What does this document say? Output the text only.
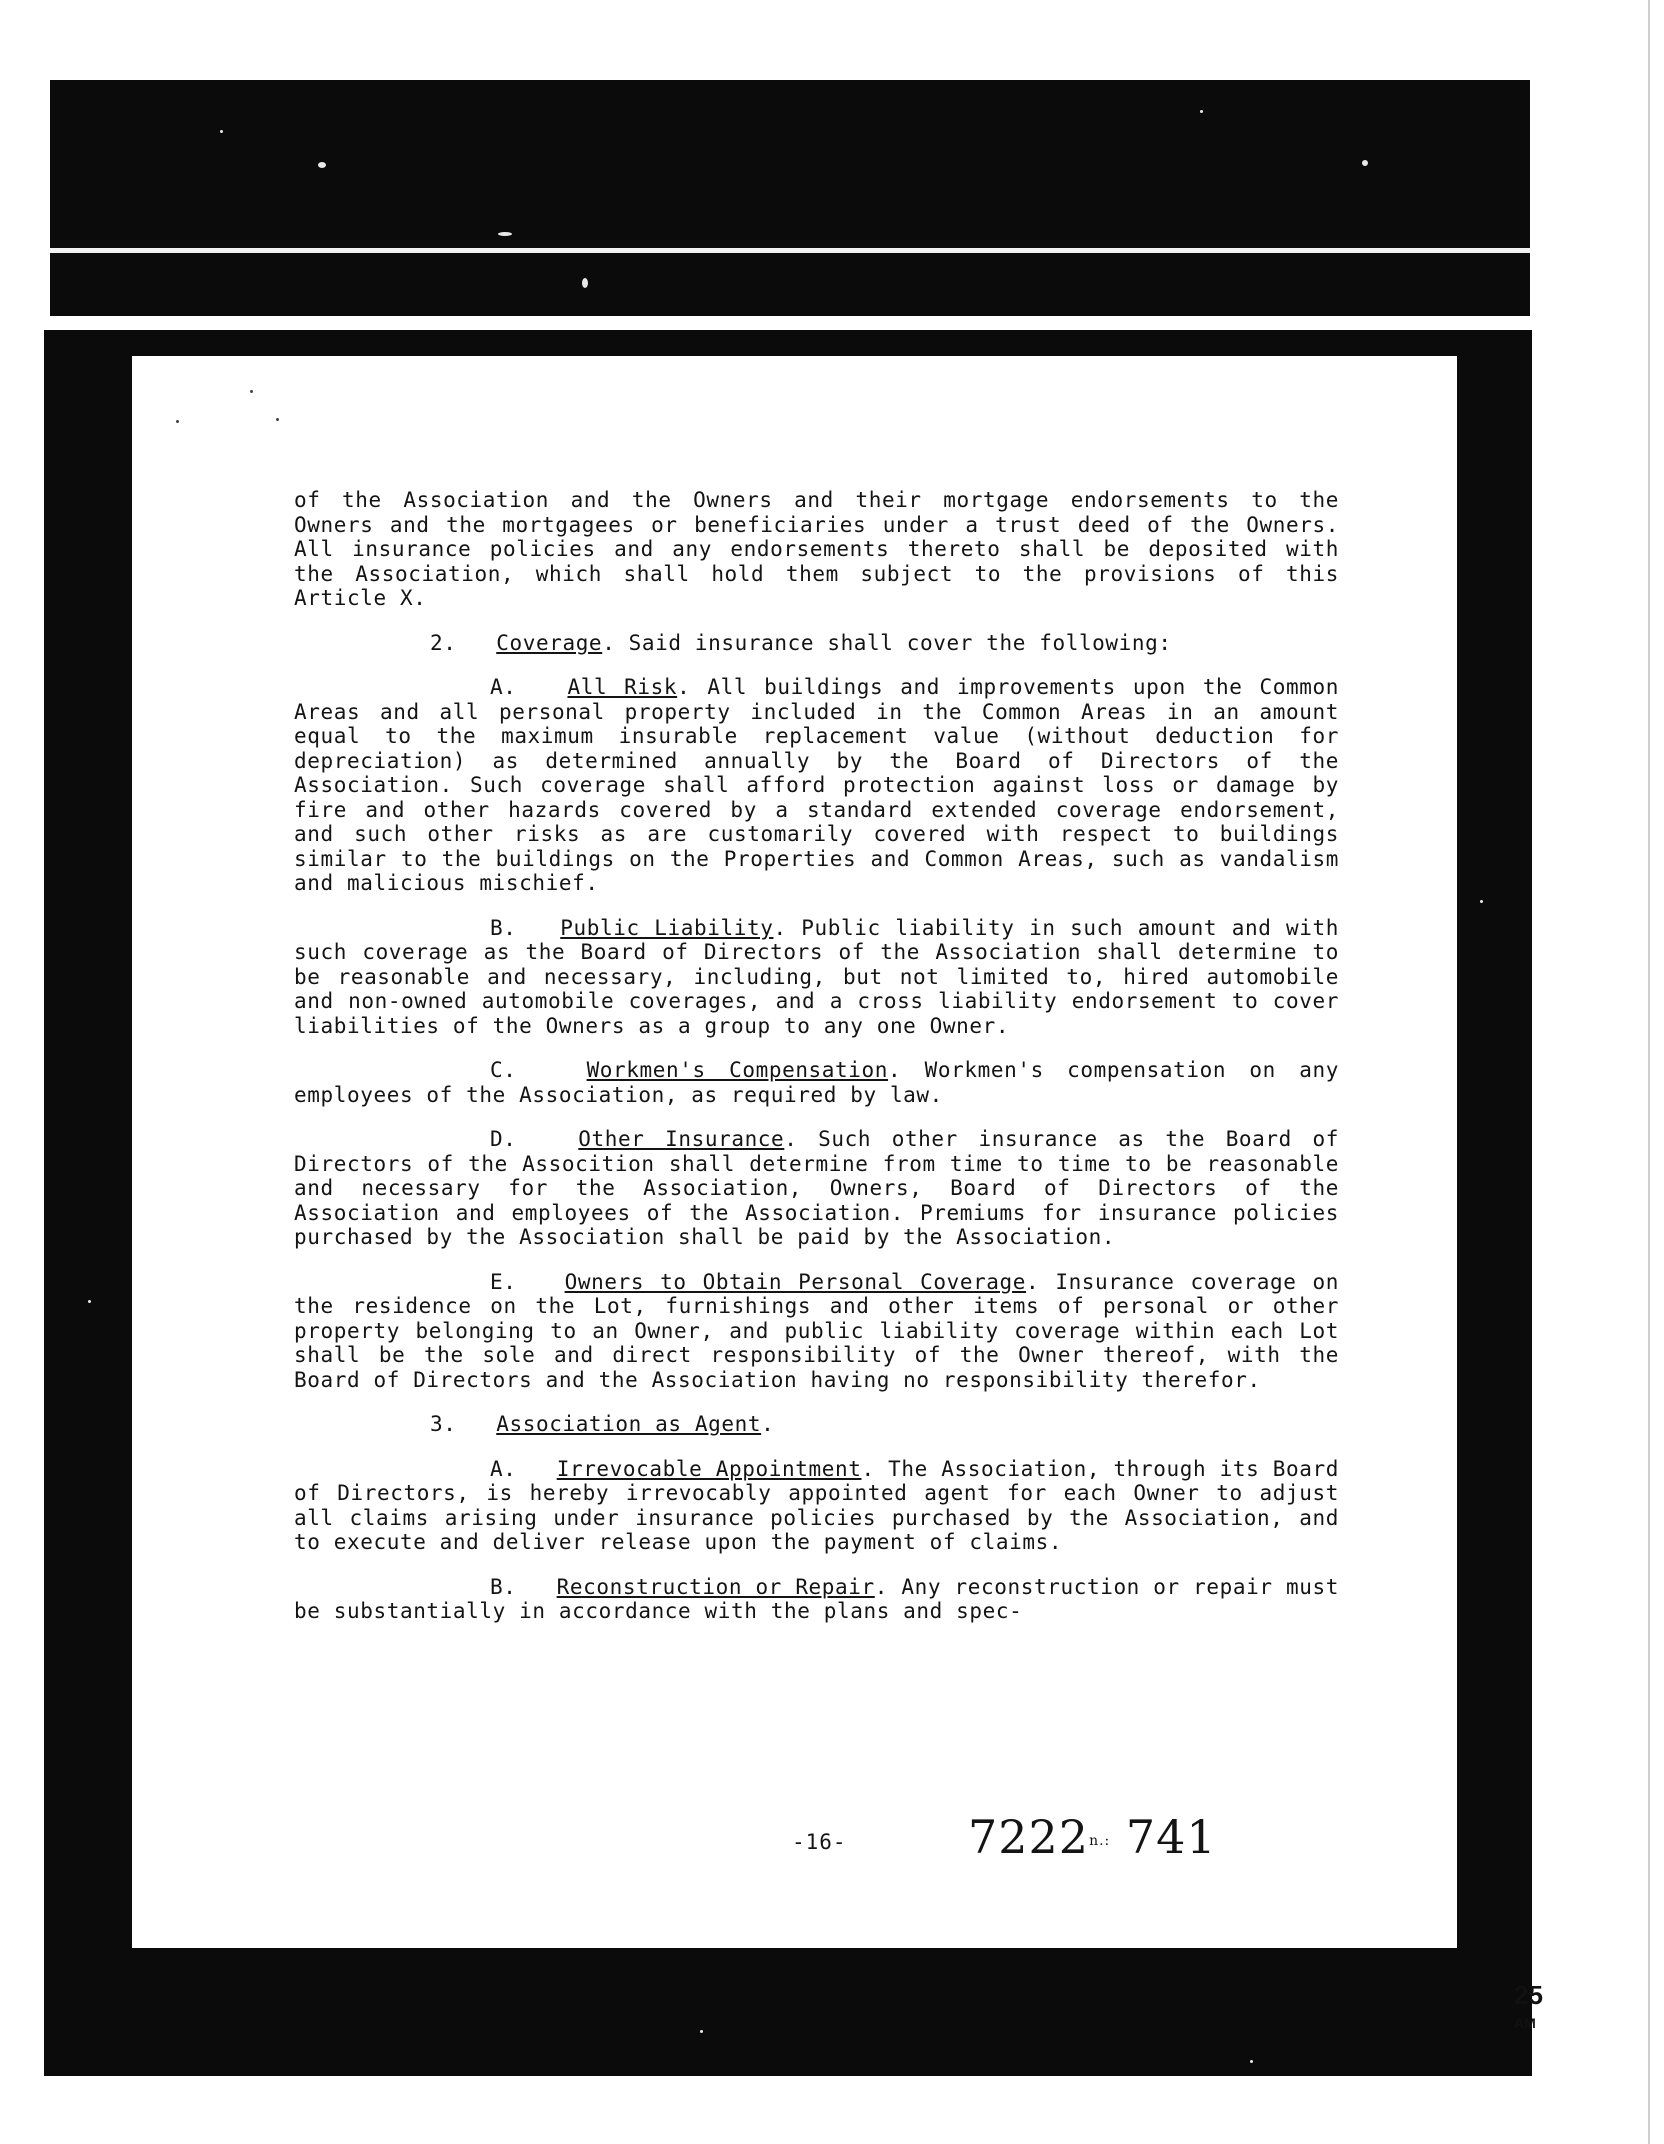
of the Association and the Owners and their mortgage endorsements to the Owners and the mortgagees or beneficiaries under a trust deed of the Owners. All insurance policies and any endorsements thereto shall be deposited with the Association, which shall hold them subject to the provisions of this Article X.

2. Coverage. Said insurance shall cover the following:

A. All Risk. All buildings and improvements upon the Common Areas and all personal property included in the Common Areas in an amount equal to the maximum insurable replacement value (without deduction for depreciation) as determined annually by the Board of Directors of the Association. Such coverage shall afford protection against loss or damage by fire and other hazards covered by a standard extended coverage endorsement, and such other risks as are customarily covered with respect to buildings similar to the buildings on the Properties and Common Areas, such as vandalism and malicious mischief.

B. Public Liability. Public liability in such amount and with such coverage as the Board of Directors of the Association shall determine to be reasonable and necessary, including, but not limited to, hired automobile and non-owned automobile coverages, and a cross liability endorsement to cover liabilities of the Owners as a group to any one Owner.

C.	Workmen's Compensation. Workmen's compensation on any employees of the Association, as required by law.

D.	Other Insurance. Such other insurance as the Board of Directors of the Assocition shall determine from time to time to be reasonable and necessary for the Association, Owners, Board of Directors of the Association and employees of the Association. Premiums for insurance policies purchased by the Association shall be paid by the Association.

E. Owners to Obtain Personal Coverage. Insurance coverage on the residence on the Lot, furnishings and other items of personal or other property belonging to an Owner, and public liability coverage within each Lot shall be the sole and direct responsibility of the Owner thereof, with the Board of Directors and the Association having no responsibility therefor.

3. Association as Agent.

A. Irrevocable Appointment. The Association, through its Board of Directors, is hereby irrevocably appointed agent for each Owner to adjust all claims arising under insurance policies purchased by the Association, and to execute and deliver release upon the payment of claims.

B. Reconstruction or Repair. Any reconstruction or repair must be substantially in accordance with the plans and spec-

-16-	7222n.: 741
25
AM
